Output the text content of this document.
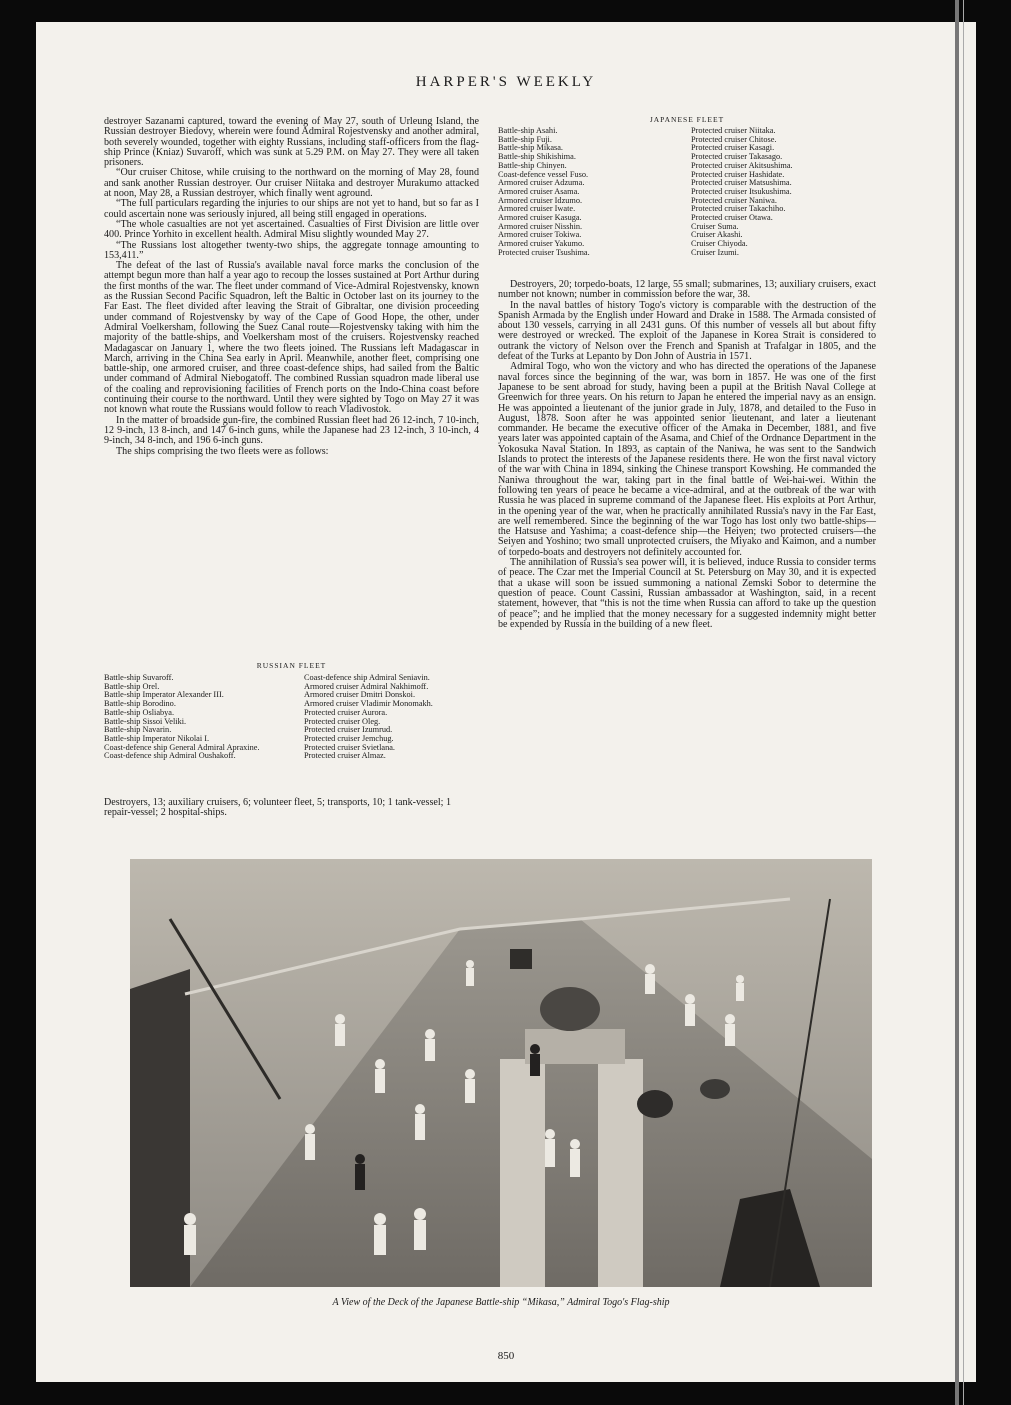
HARPER'S WEEKLY

destroyer Sazanami captured, toward the evening of May 27, south of Urleung Island, the Russian destroyer Biedovy, wherein were found Admiral Rojestvensky and another admiral, both severely wounded, together with eighty Russians, including staff-officers from the flag-ship Prince (Kniaz) Suvaroff, which was sunk at 5.29 P.M. on May 27. They were all taken prisoners.

“Our cruiser Chitose, while cruising to the northward on the morning of May 28, found and sank another Russian destroyer. Our cruiser Niitaka and destroyer Murakumo attacked at noon, May 28, a Russian destroyer, which finally went aground.

“The full particulars regarding the injuries to our ships are not yet to hand, but so far as I could ascertain none was seriously injured, all being still engaged in operations.

“The whole casualties are not yet ascertained. Casualties of First Division are little over 400. Prince Yorhito in excellent health. Admiral Misu slightly wounded May 27.

“The Russians lost altogether twenty-two ships, the aggregate tonnage amounting to 153,411.”

The defeat of the last of Russia's available naval force marks the conclusion of the attempt begun more than half a year ago to recoup the losses sustained at Port Arthur during the first months of the war. The fleet under command of Vice-Admiral Rojestvensky, known as the Russian Second Pacific Squadron, left the Baltic in October last on its journey to the Far East. The fleet divided after leaving the Strait of Gibraltar, one division proceeding under command of Rojestvensky by way of the Cape of Good Hope, the other, under Admiral Voelkersham, following the Suez Canal route—Rojestvensky taking with him the majority of the battle-ships, and Voelkersham most of the cruisers. Rojestvensky reached Madagascar on January 1, where the two fleets joined. The Russians left Madagascar in March, arriving in the China Sea early in April. Meanwhile, another fleet, comprising one battle-ship, one armored cruiser, and three coast-defence ships, had sailed from the Baltic under command of Admiral Niebogatoff. The combined Russian squadron made liberal use of the coaling and reprovisioning facilities of French ports on the Indo-China coast before continuing their course to the northward. Until they were sighted by Togo on May 27 it was not known what route the Russians would follow to reach Vladivostok.

In the matter of broadside gun-fire, the combined Russian fleet had 26 12-inch, 7 10-inch, 12 9-inch, 13 8-inch, and 147 6-inch guns, while the Japanese had 23 12-inch, 3 10-inch, 4 9-inch, 34 8-inch, and 196 6-inch guns.

The ships comprising the two fleets were as follows:

RUSSIAN FLEET
Battle-ship Suvaroff.
Battle-ship Orel.
Battle-ship Imperator Alexander III.
Battle-ship Borodino.
Battle-ship Osliabya.
Battle-ship Sissoi Veliki.
Battle-ship Navarin.
Battle-ship Imperator Nikolai I.
Coast-defence ship General Admiral Apraxine.
Coast-defence ship Admiral Oushakoff.
Coast-defence ship Admiral Seniavin.
Armored cruiser Admiral Nakhimoff.
Armored cruiser Dmitri Donskoi.
Armored cruiser Vladimir Monomakh.
Protected cruiser Aurora.
Protected cruiser Oleg.
Protected cruiser Izumrud.
Protected cruiser Jemchug.
Protected cruiser Svietlana.
Protected cruiser Almaz.
Destroyers, 13; auxiliary cruisers, 6; volunteer fleet, 5; transports, 10; 1 tank-vessel; 1 repair-vessel; 2 hospital-ships.
JAPANESE FLEET
Battle-ship Asahi.
Battle-ship Fuji.
Battle-ship Mikasa.
Battle-ship Shikishima.
Battle-ship Chinyen.
Coast-defence vessel Fuso.
Armored cruiser Adzuma.
Armored cruiser Asama.
Armored cruiser Idzumo.
Armored cruiser Iwate.
Armored cruiser Kasuga.
Armored cruiser Nisshin.
Armored cruiser Tokiwa.
Armored cruiser Yakumo.
Protected cruiser Tsushima.
Protected cruiser Niitaka.
Protected cruiser Chitose.
Protected cruiser Kasagi.
Protected cruiser Takasago.
Protected cruiser Akitsushima.
Protected cruiser Hashidate.
Protected cruiser Matsushima.
Protected cruiser Itsukushima.
Protected cruiser Naniwa.
Protected cruiser Takachiho.
Protected cruiser Otawa.
Cruiser Suma.
Cruiser Akashi.
Cruiser Chiyoda.
Cruiser Izumi.

Destroyers, 20; torpedo-boats, 12 large, 55 small; submarines, 13; auxiliary cruisers, exact number not known; number in commission before the war, 38.

In the naval battles of history Togo's victory is comparable with the destruction of the Spanish Armada by the English under Howard and Drake in 1588. The Armada consisted of about 130 vessels, carrying in all 2431 guns. Of this number of vessels all but about fifty were destroyed or wrecked. The exploit of the Japanese in Korea Strait is considered to outrank the victory of Nelson over the French and Spanish at Trafalgar in 1805, and the defeat of the Turks at Lepanto by Don John of Austria in 1571.

Admiral Togo, who won the victory and who has directed the operations of the Japanese naval forces since the beginning of the war, was born in 1857. He was one of the first Japanese to be sent abroad for study, having been a pupil at the British Naval College at Greenwich for three years. On his return to Japan he entered the imperial navy as an ensign. He was appointed a lieutenant of the junior grade in July, 1878, and detailed to the Fuso in August, 1878. Soon after he was appointed senior lieutenant, and later a lieutenant commander. He became the executive officer of the Amaka in December, 1881, and five years later was appointed captain of the Asama, and Chief of the Ordnance Department in the Yokosuka Naval Station. In 1893, as captain of the Naniwa, he was sent to the Sandwich Islands to protect the interests of the Japanese residents there. He won the first naval victory of the war with China in 1894, sinking the Chinese transport Kowshing. He commanded the Naniwa throughout the war, taking part in the final battle of Wei-hai-wei. Within the following ten years of peace he became a vice-admiral, and at the outbreak of the war with Russia he was placed in supreme command of the Japanese fleet. His exploits at Port Arthur, in the opening year of the war, when he practically annihilated Russia's navy in the Far East, are well remembered. Since the beginning of the war Togo has lost only two battle-ships—the Hatsuse and Yashima; a coast-defence ship—the Heiyen; two protected cruisers—the Seiyen and Yoshino; two small unprotected cruisers, the Miyako and Kaimon, and a number of torpedo-boats and destroyers not definitely accounted for.

The annihilation of Russia's sea power will, it is believed, induce Russia to consider terms of peace. The Czar met the Imperial Council at St. Petersburg on May 30, and it is expected that a ukase will soon be issued summoning a national Zemski Sobor to determine the question of peace. Count Cassini, Russian ambassador at Washington, said, in a recent statement, however, that “this is not the time when Russia can afford to take up the question of peace”; and he implied that the money necessary for a suggested indemnity might better be expended by Russia in the building of a new fleet.

A View of the Deck of the Japanese Battle-ship “Mikasa,” Admiral Togo's Flag-ship
850
